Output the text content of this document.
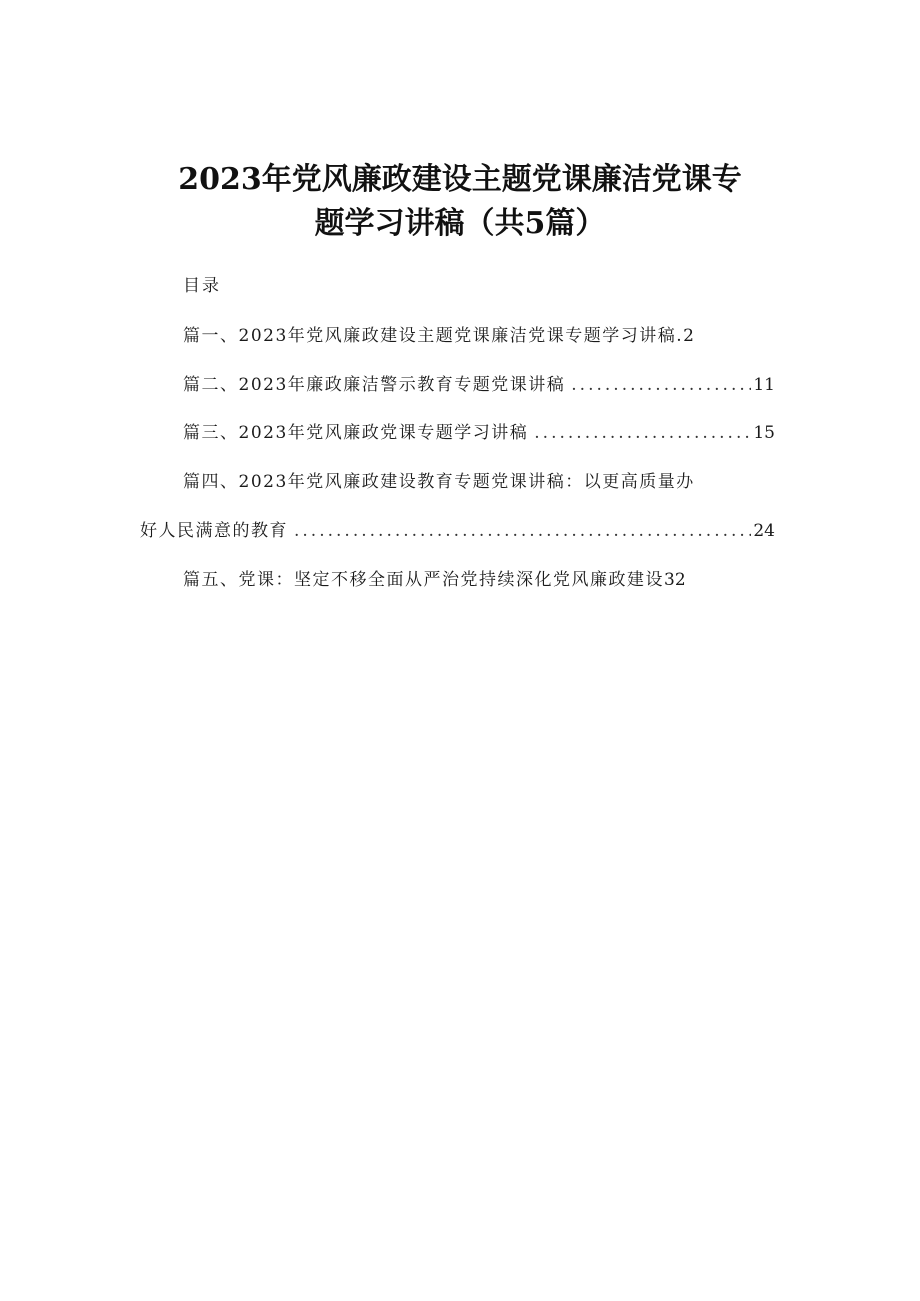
2023年党风廉政建设主题党课廉洁党课专
题学习讲稿（共5篇）
目录
篇一、2023年党风廉政建设主题党课廉洁党课专题学习讲稿. 2
篇二、2023年廉政廉洁警示教育专题党课讲稿 .....	11
篇三、2023年党风廉政党课专题学习讲稿 .....	15
篇四、2023年党风廉政建设教育专题党课讲稿：以更高质量办
好人民满意的教育 .....	24
篇五、党课：坚定不移全面从严治党持续深化党风廉政建设 32
